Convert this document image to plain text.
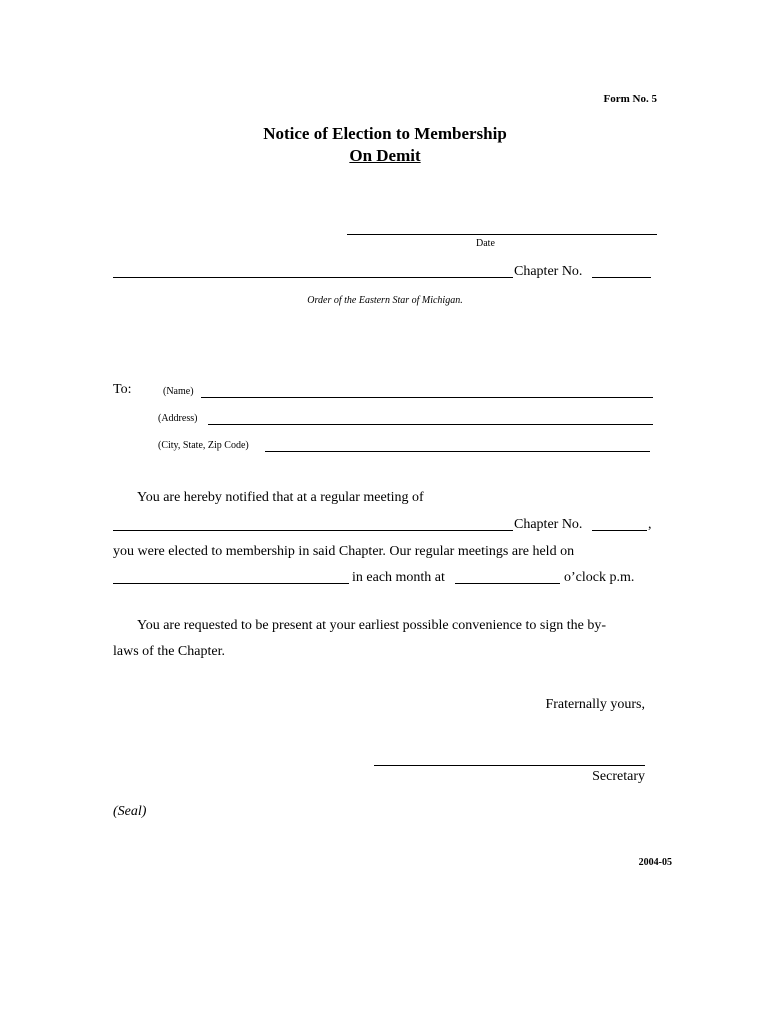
Form No. 5
Notice of Election to Membership
On Demit
Date
Chapter No.
Order of the Eastern Star of Michigan.
To:	(Name)
(Address)
(City, State, Zip Code)
You are hereby notified that at a regular meeting of
Chapter No.	,
you were elected to membership in said Chapter. Our regular meetings are held on
in each month at	o’clock p.m.
You are requested to be present at your earliest possible convenience to sign the by-
laws of the Chapter.
Fraternally yours,
Secretary
(Seal)
2004-05
